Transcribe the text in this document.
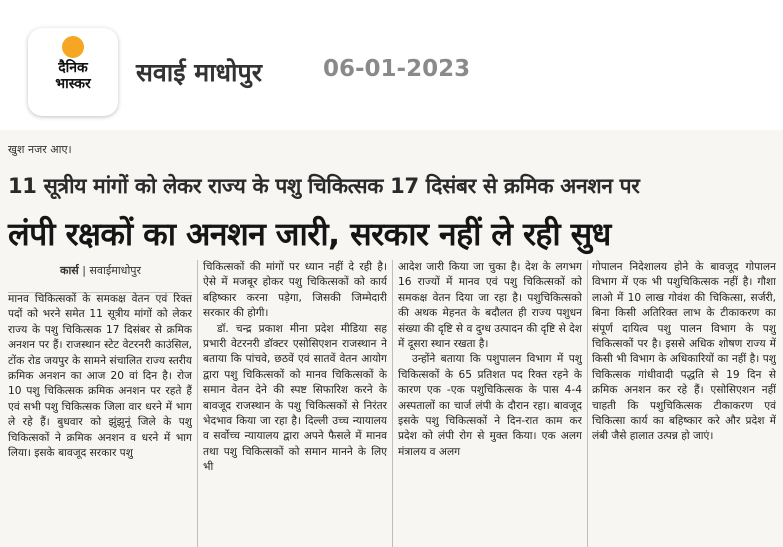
दैनिक
भास्कर	सवाई माधोपुर	06-01-2023
खुश नजर आए।
11 सूत्रीय मांगों को लेकर राज्य के पशु चिकित्सक 17 दिसंबर से क्रमिक अनशन पर
लंपी रक्षकों का अनशन जारी, सरकार नहीं ले रही सुध
कार्स | सवाईमाधोपुर

मानव चिकित्सकों के समकक्ष वेतन एवं रिक्त पदों को भरने समेत 11 सूत्रीय मांगों को लेकर राज्य के पशु चिकित्सक 17 दिसंबर से क्रमिक अनशन पर हैं। राजस्थान स्टेट वेटरनरी काउंसिल, टोंक रोड जयपुर के सामने संचालित राज्य स्तरीय क्रमिक अनशन का आज 20 वां दिन है। रोज 10 पशु चिकित्सक क्रमिक अनशन पर रहते हैं एवं सभी पशु चिकित्सक जिला वार धरने में भाग ले रहे हैं। बुधवार को झुंझुनूं जिले के पशु चिकित्सकों ने क्रमिक अनशन व धरने में भाग लिया। इसके बावजूद सरकार पशु

चिकित्सकों की मांगों पर ध्यान नहीं दे रही है। ऐसे में मजबूर होकर पशु चिकित्सकों को कार्य बहिष्कार करना पड़ेगा, जिसकी जिम्मेदारी सरकार की होगी।

डॉ. चन्द्र प्रकाश मीना प्रदेश मीडिया सह प्रभारी वेटरनरी डॉक्टर एसोसिएशन राजस्थान ने बताया कि पांचवे, छठवें एवं सातवें वेतन आयोग द्वारा पशु चिकित्सकों को मानव चिकित्सकों के समान वेतन देने की स्पष्ट सिफारिश करने के बावजूद राजस्थान के पशु चिकित्सकों से निरंतर भेदभाव किया जा रहा है। दिल्ली उच्च न्यायालय व सर्वोच्च न्यायालय द्वारा अपने फैसले में मानव तथा पशु चिकित्सकों को समान मानने के लिए भी

आदेश जारी किया जा चुका है। देश के लगभग 16 राज्यों में मानव एवं पशु चिकित्सकों को समकक्ष वेतन दिया जा रहा है। पशुचिकित्सको की अथक मेहनत के बदौलत ही राज्य पशुधन संख्या की दृष्टि से व दुग्ध उत्पादन की दृष्टि से देश में दूसरा स्थान रखता है।

उन्होंने बताया कि पशुपालन विभाग में पशु चिकित्सकों के 65 प्रतिशत पद रिक्त रहने के कारण एक -एक पशुचिकित्सक के पास 4-4 अस्पतालों का चार्ज लंपी के दौरान रहा। बावजूद इसके पशु चिकित्सकों ने दिन-रात काम कर प्रदेश को लंपी रोग से मुक्त किया। एक अलग मंत्रालय व अलग

गोपालन निदेशालय होने के बावजूद गोपालन विभाग में एक भी पशुचिकित्सक नहीं है। गौशा लाओ में 10 लाख गोवंश की चिकित्सा, सर्जरी, बिना किसी अतिरिक्त लाभ के टीकाकरण का संपूर्ण दायित्व पशु पालन विभाग के पशु चिकित्सकों पर है। इससे अधिक शोषण राज्य में किसी भी विभाग के अधिकारियों का नहीं है। पशु चिकित्सक गांधीवादी पद्धति से 19 दिन से क्रमिक अनशन कर रहे हैं। एसोसिएशन नहीं चाहती कि पशुचिकित्सक टीकाकरण एवं चिकित्सा कार्य का बहिष्कार करे और प्रदेश में लंबी जैसे हालात उत्पन्न हो जाएं।
